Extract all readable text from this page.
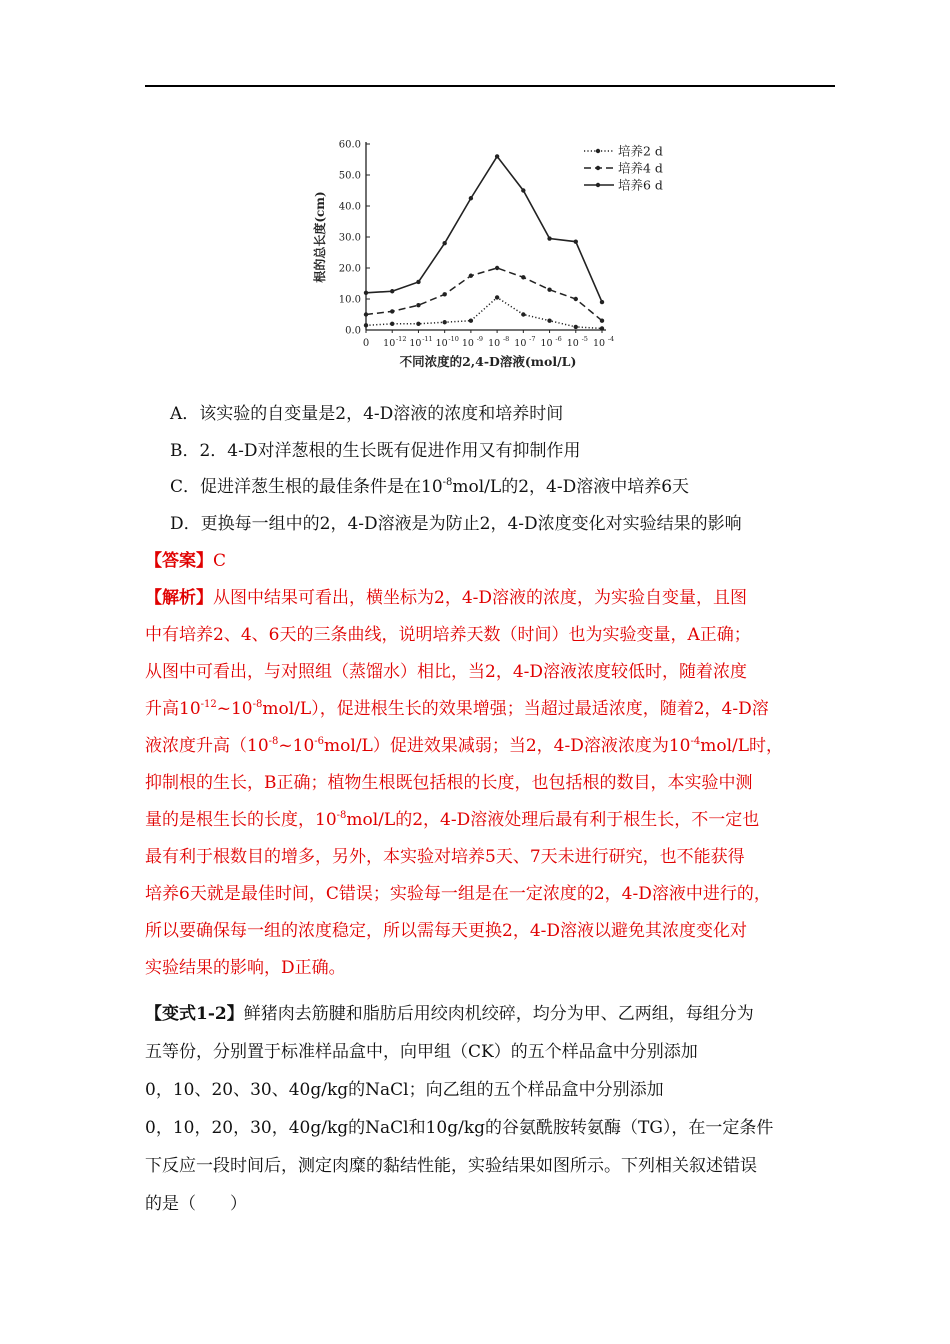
0.0
10.0
20.0
30.0
40.0
50.0
60.0
0 10 -12 10 -11 10 -10 10 -9 10 -8 10 -7 10 -6 10 -5 10 -4
根的总长度(cm)
不同浓度的2,4-D溶液(mol/L)
培养2 d
培养4 d
培养6 d
A．该实验的自变量是2，4-D溶液的浓度和培养时间
B．2．4-D对洋葱根的生长既有促进作用又有抑制作用
C．促进洋葱生根的最佳条件是在$10^{-8}mol/L$的2，4-D溶液中培养6天
D．更换每一组中的2，4-D溶液是为防止2，4-D浓度变化对实验结果的影响
【答案】C
【解析】从图中结果可看出，横坐标为2，4-D溶液的浓度，为实验自变量，且图
中有培养2、4、6天的三条曲线，说明培养天数（时间）也为实验变量，A正确；
从图中可看出，与对照组（蒸馏水）相比，当2，4-D溶液浓度较低时，随着浓度
升高$10^{-12}\sim 10^{-8}mol/L$），促进根生长的效果增强；当超过最适浓度，随着2，4-D溶
液浓度升高$(10^{-8}\sim 10^{-6}mol/L)$促进效果减弱；当2，4-D溶液浓度为$10^{-4}mol/L$时，
抑制根的生长，B正确；植物生根既包括根的长度，也包括根的数目，本实验中测
量的是根生长的长度，$10^{-8}mol/L$的2，4-D溶液处理后最有利于根生长，不一定也
最有利于根数目的增多，另外，本实验对培养5天、7天未进行研究，也不能获得
培养6天就是最佳时间，C错误；实验每一组是在一定浓度的2，4-D溶液中进行的，
所以要确保每一组的浓度稳定，所以需每天更换2，4-D溶液以避免其浓度变化对
实验结果的影响，D正确。
【变式1-2】鲜猪肉去筋腱和脂肪后用绞肉机绞碎，均分为甲、乙两组，每组分为
五等份，分别置于标准样品盒中，向甲组（CK）的五个样品盒中分别添加
0，10、20、30、40g/kg的NaCl；向乙组的五个样品盒中分别添加
0，10，20，30，40g/kg的NaCl和10g/kg的谷氨酰胺转氨酶（TG），在一定条件
下反应一段时间后，测定肉糜的黏结性能，实验结果如图所示。下列相关叙述错误
的是（　　）
